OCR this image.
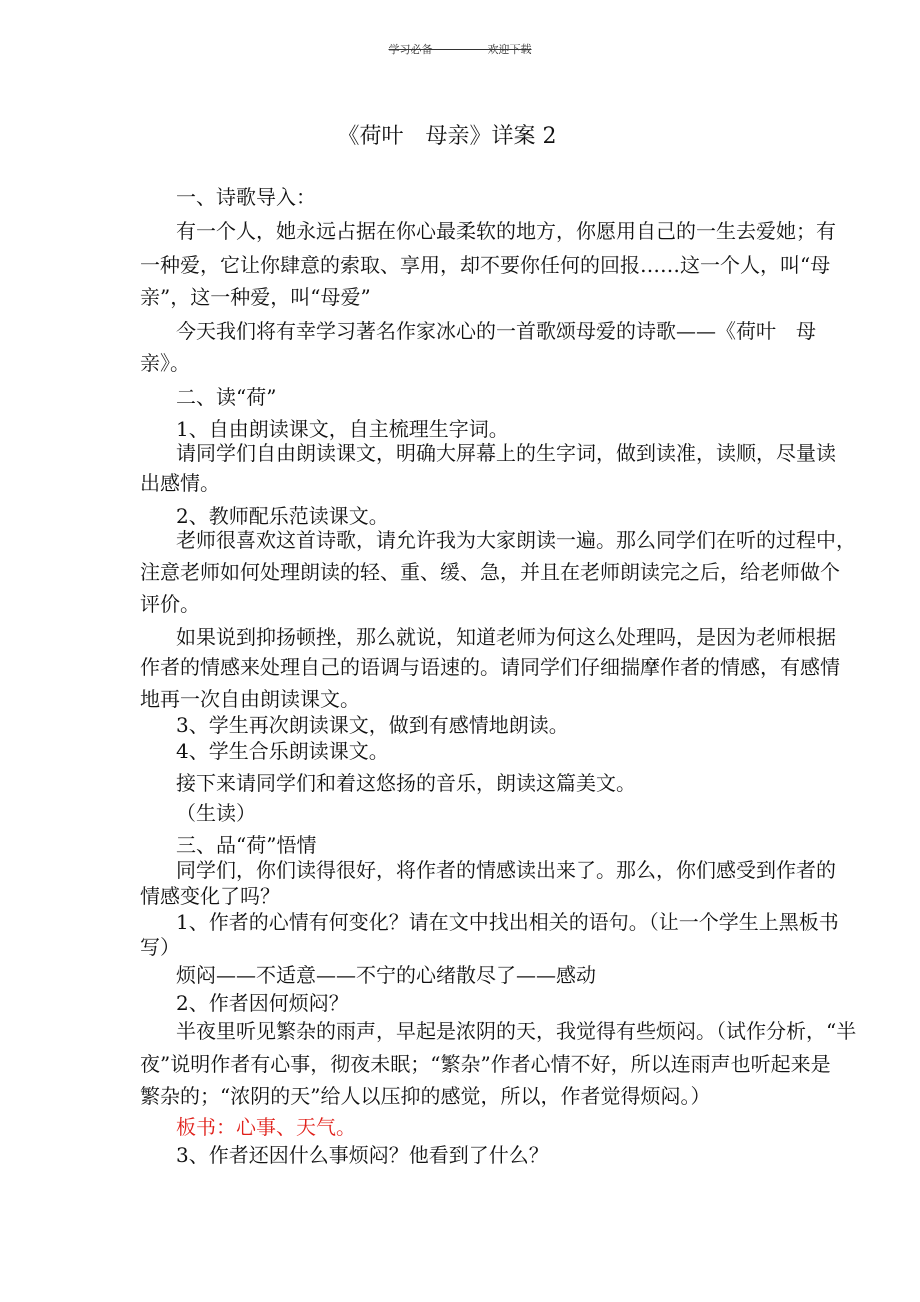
学习必备－－－－－欢迎下载
《荷叶　母亲》详案 2
一、诗歌导入：
有一个人，她永远占据在你心最柔软的地方，你愿用自己的一生去爱她；有
一种爱，它让你肆意的索取、享用，却不要你任何的回报……这一个人，叫“母
亲”，这一种爱，叫“母爱”
今天我们将有幸学习著名作家冰心的一首歌颂母爱的诗歌——《荷叶　母
亲》。
二、读“荷”
1、自由朗读课文，自主梳理生字词。
请同学们自由朗读课文，明确大屏幕上的生字词，做到读准，读顺，尽量读
出感情。
2、教师配乐范读课文。
老师很喜欢这首诗歌，请允许我为大家朗读一遍。那么同学们在听的过程中，
注意老师如何处理朗读的轻、重、缓、急，并且在老师朗读完之后，给老师做个
评价。
如果说到抑扬顿挫，那么就说，知道老师为何这么处理吗，是因为老师根据
作者的情感来处理自己的语调与语速的。请同学们仔细揣摩作者的情感，有感情
地再一次自由朗读课文。
3、学生再次朗读课文，做到有感情地朗读。
4、学生合乐朗读课文。
接下来请同学们和着这悠扬的音乐，朗读这篇美文。
（生读）
三、品“荷”悟情
同学们，你们读得很好，将作者的情感读出来了。那么，你们感受到作者的
情感变化了吗？
1、作者的心情有何变化？请在文中找出相关的语句。（让一个学生上黑板书
写）
烦闷——不适意——不宁的心绪散尽了——感动
2、作者因何烦闷？
半夜里听见繁杂的雨声，早起是浓阴的天，我觉得有些烦闷。（试作分析，“半
夜”说明作者有心事，彻夜未眠；“繁杂”作者心情不好，所以连雨声也听起来是
繁杂的；“浓阴的天”给人以压抑的感觉，所以，作者觉得烦闷。）
板书：心事、天气。
3、作者还因什么事烦闷？他看到了什么？
